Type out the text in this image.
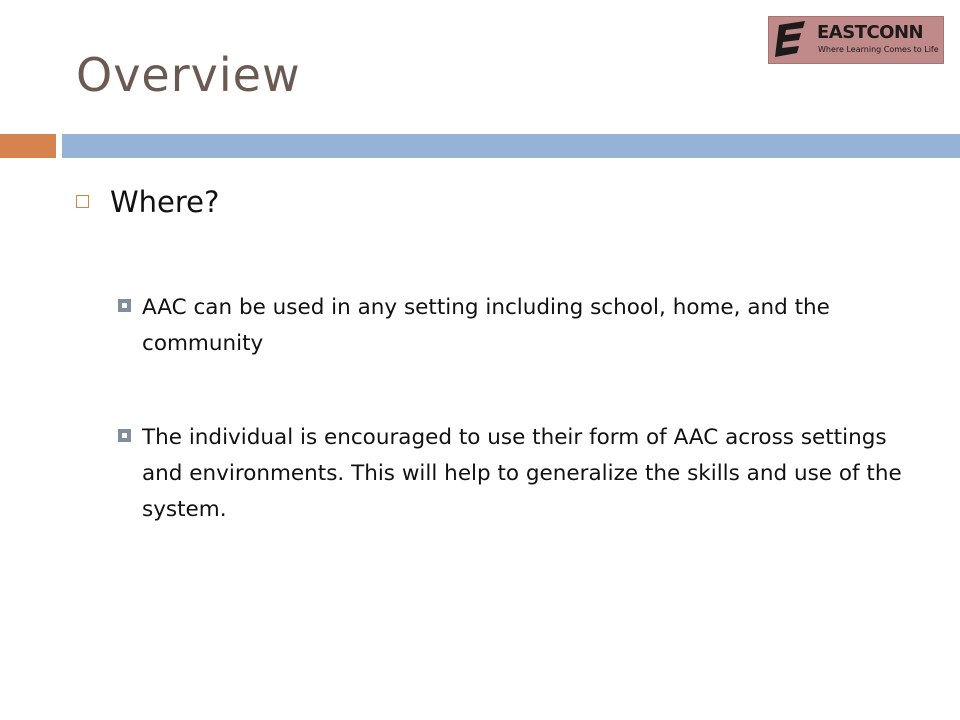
Overview
EASTCONN
Where Learning Comes to Life
Where?
AAC can be used in any setting including school, home, and the community
The individual is encouraged to use their form of AAC across settings and environments. This will help to generalize the skills and use of the system.
